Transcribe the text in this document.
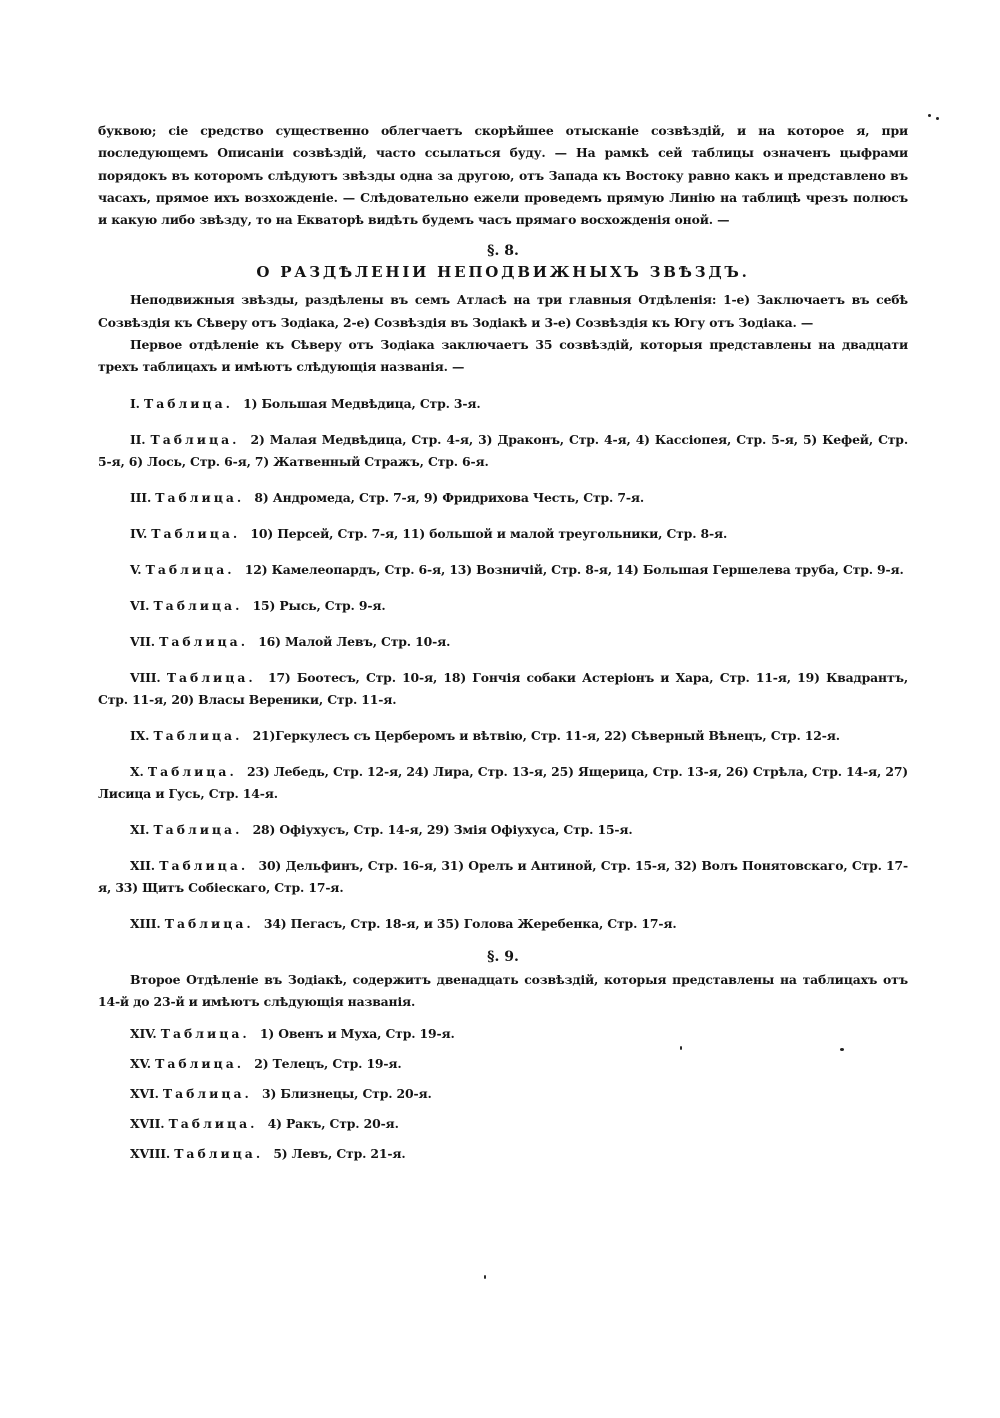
буквою; сіе средство существенно облегчаетъ скорѣйшее отысканіе созвѣздій, и на которое я, при последующемъ Описаніи созвѣздій, часто ссылаться буду. — На рамкѣ сей таблицы означенъ цыфрами порядокъ въ которомъ слѣдуютъ звѣзды одна за другою, отъ Запада къ Востоку равно какъ и представлено въ часахъ, прямое ихъ возхожденіе. — Слѣдовательно ежели проведемъ прямую Линію на таблицѣ чрезъ полюсъ и какую либо звѣзду, то на Екваторѣ видѣть будемъ часъ прямаго восхожденія оной. —

§. 8.
О РАЗДѢЛЕНІИ НЕПОДВИЖНЫХЪ ЗВѢЗДЪ.

Неподвижныя звѣзды, раздѣлены въ семъ Атласѣ на три главныя Отдѣленія: 1-е) Заключаетъ въ себѣ Созвѣздія къ Сѣверу отъ Зодіака, 2-е) Созвѣздія въ Зодіакѣ и 3-е) Созвѣздія къ Югу отъ Зодіака. —

Первое отдѣленіе къ Сѣверу отъ Зодіака заключаетъ 35 созвѣздій, которыя представлены на двадцати трехъ таблицахъ и имѣютъ слѣдующія названія. —

I. Таблица. 1) Большая Медвѣдица, Стр. 3-я.

II. Таблица. 2) Малая Медвѣдица, Стр. 4-я, 3) Драконъ, Стр. 4-я, 4) Кассіопея, Стр. 5-я, 5) Кефей, Стр. 5-я, 6) Лось, Стр. 6-я, 7) Жатвенный Стражъ, Стр. 6-я.

III. Таблица. 8) Андромеда, Стр. 7-я, 9) Фридриxова Честь, Стр. 7-я.

IV. Таблица. 10) Персей, Стр. 7-я, 11) большой и малой треугольники, Стр. 8-я.

V. Таблица. 12) Камелеопардъ, Стр. 6-я, 13) Возничій, Стр. 8-я, 14) Большая Гершелева труба, Стр. 9-я.

VI. Таблица. 15) Рысь, Стр. 9-я.

VII. Таблица. 16) Малой Левъ, Стр. 10-я.

VIII. Таблица. 17) Боотесъ, Стр. 10-я, 18) Гончія собаки Астеріонъ и Хара, Стр. 11-я, 19) Квадрантъ, Стр. 11-я, 20) Власы Вереники, Стр. 11-я.

IX. Таблица. 21)Геркулесъ съ Церберомъ и вѣтвію, Стр. 11-я, 22) Сѣверный Вѣнецъ, Стр. 12-я.

X. Таблица. 23) Лебедь, Стр. 12-я, 24) Лира, Стр. 13-я, 25) Ящерица, Стр. 13-я, 26) Стрѣла, Стр. 14-я, 27) Лисица и Гусь, Стр. 14-я.

XI. Таблица. 28) Офіухусъ, Стр. 14-я, 29) Змія Офіухуса, Стр. 15-я.

XII. Таблица. 30) Дельфинъ, Стр. 16-я, 31) Орелъ и Антиной, Стр. 15-я, 32) Волъ Понятовскаго, Стр. 17-я, 33) Щитъ Собіескаго, Стр. 17-я.

XIII. Таблица. 34) Пегасъ, Стр. 18-я, и 35) Голова Жеребенка, Стр. 17-я.

§. 9.

Второе Отдѣленіе въ Зодіакѣ, содержитъ двенадцать созвѣздій, которыя представлены на таблицахъ отъ 14-й до 23-й и имѣютъ слѣдующія названія.

XIV. Таблица. 1) Овенъ и Муха, Стр. 19-я.

XV. Таблица. 2) Телецъ, Стр. 19-я.

XVI. Таблица. 3) Близнецы, Стр. 20-я.

XVII. Таблица. 4) Ракъ, Стр. 20-я.

XVIII. Таблица. 5) Левъ, Стр. 21-я.
